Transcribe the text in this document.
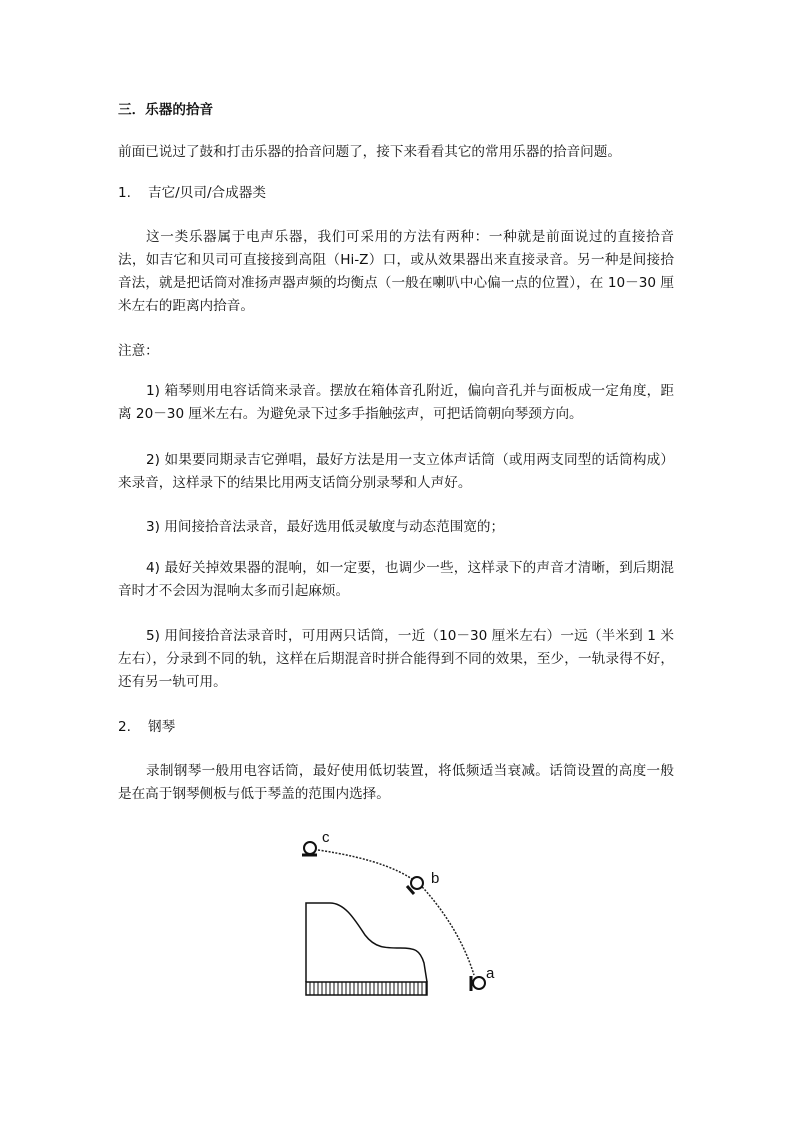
三．乐器的拾音
前面已说过了鼓和打击乐器的拾音问题了，接下来看看其它的常用乐器的拾音问题。
1. 吉它/贝司/合成器类
这一类乐器属于电声乐器，我们可采用的方法有两种：一种就是前面说过的直接拾音法，如吉它和贝司可直接接到高阻（Hi-Z）口，或从效果器出来直接录音。另一种是间接拾音法，就是把话筒对准扬声器声频的均衡点（一般在喇叭中心偏一点的位置），在 10－30 厘米左右的距离内拾音。
注意：
1) 箱琴则用电容话筒来录音。摆放在箱体音孔附近，偏向音孔并与面板成一定角度，距离 20－30 厘米左右。为避免录下过多手指触弦声，可把话筒朝向琴颈方向。
2) 如果要同期录吉它弹唱，最好方法是用一支立体声话筒（或用两支同型的话筒构成）来录音，这样录下的结果比用两支话筒分别录琴和人声好。
3) 用间接拾音法录音，最好选用低灵敏度与动态范围宽的；
4) 最好关掉效果器的混响，如一定要，也调少一些，这样录下的声音才清晰，到后期混音时才不会因为混响太多而引起麻烦。
5) 用间接拾音法录音时，可用两只话筒，一近（10－30 厘米左右）一远（半米到 1 米左右），分录到不同的轨，这样在后期混音时拼合能得到不同的效果，至少，一轨录得不好，还有另一轨可用。
2. 钢琴
录制钢琴一般用电容话筒，最好使用低切装置，将低频适当衰减。话筒设置的高度一般是在高于钢琴侧板与低于琴盖的范围内选择。
c
b
a
